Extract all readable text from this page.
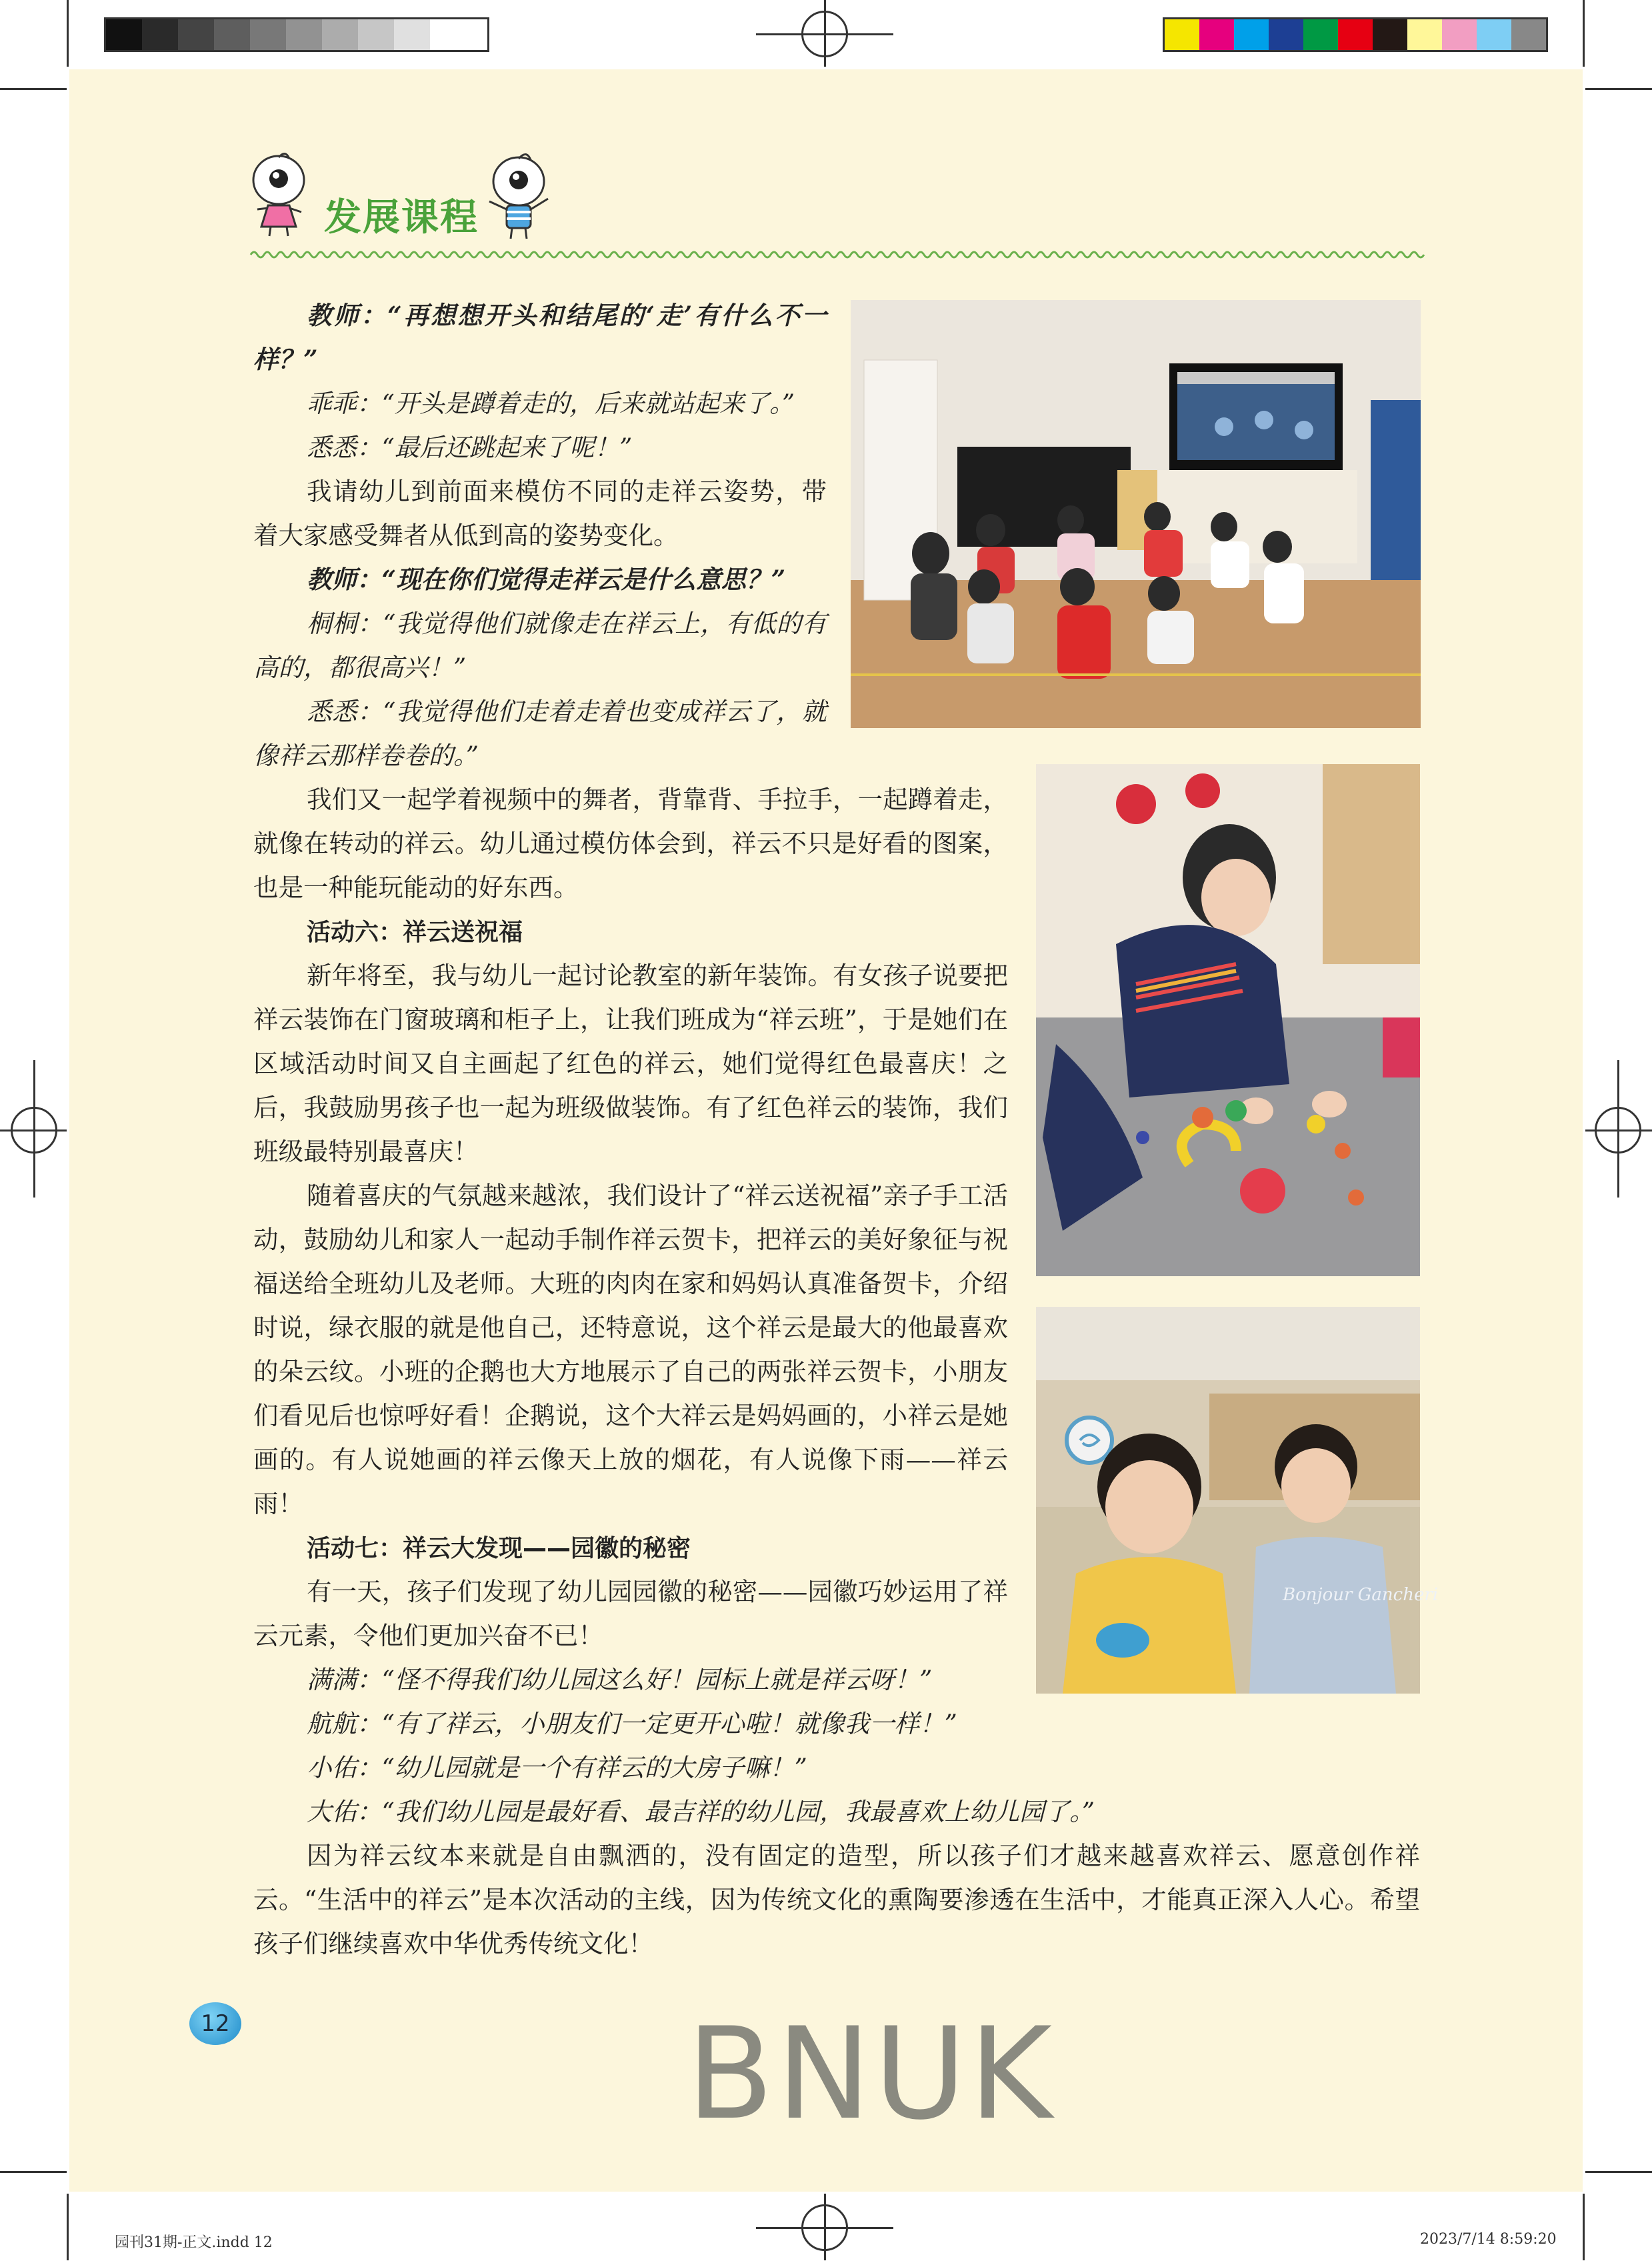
发展课程
Bonjour Gancheri

教师：“再想想开头和结尾的‘走’有什么不一样？”

乖乖：“开头是蹲着走的，后来就站起来了。”

悉悉：“最后还跳起来了呢！”

我请幼儿到前面来模仿不同的走祥云姿势，带着大家感受舞者从低到高的姿势变化。

教师：“现在你们觉得走祥云是什么意思？”

桐桐：“我觉得他们就像走在祥云上，有低的有高的，都很高兴！”

悉悉：“我觉得他们走着走着也变成祥云了，就像祥云那样卷卷的。”

我们又一起学着视频中的舞者，背靠背、手拉手，一起蹲着走，就像在转动的祥云。幼儿通过模仿体会到，祥云不只是好看的图案，也是一种能玩能动的好东西。

活动六：祥云送祝福

新年将至，我与幼儿一起讨论教室的新年装饰。有女孩子说要把祥云装饰在门窗玻璃和柜子上，让我们班成为“祥云班”，于是她们在区域活动时间又自主画起了红色的祥云，她们觉得红色最喜庆！之后，我鼓励男孩子也一起为班级做装饰。有了红色祥云的装饰，我们班级最特别最喜庆！

随着喜庆的气氛越来越浓，我们设计了“祥云送祝福”亲子手工活动，鼓励幼儿和家人一起动手制作祥云贺卡，把祥云的美好象征与祝福送给全班幼儿及老师。大班的肉肉在家和妈妈认真准备贺卡，介绍时说，绿衣服的就是他自己，还特意说，这个祥云是最大的他最喜欢的朵云纹。小班的企鹅也大方地展示了自己的两张祥云贺卡，小朋友们看见后也惊呼好看！企鹅说，这个大祥云是妈妈画的，小祥云是她画的。有人说她画的祥云像天上放的烟花，有人说像下雨——祥云雨！

活动七：祥云大发现——园徽的秘密

有一天，孩子们发现了幼儿园园徽的秘密——园徽巧妙运用了祥云元素，令他们更加兴奋不已！

满满：“怪不得我们幼儿园这么好！园标上就是祥云呀！”

航航：“有了祥云，小朋友们一定更开心啦！就像我一样！”

小佑：“幼儿园就是一个有祥云的大房子嘛！”

大佑：“我们幼儿园是最好看、最吉祥的幼儿园，我最喜欢上幼儿园了。”

因为祥云纹本来就是自由飘洒的，没有固定的造型，所以孩子们才越来越喜欢祥云、愿意创作祥云。“生活中的祥云”是本次活动的主线，因为传统文化的熏陶要渗透在生活中，才能真正深入人心。希望孩子们继续喜欢中华优秀传统文化！

12	BNUK
园刊31期-正文.indd 12	2023/7/14 8:59:20
